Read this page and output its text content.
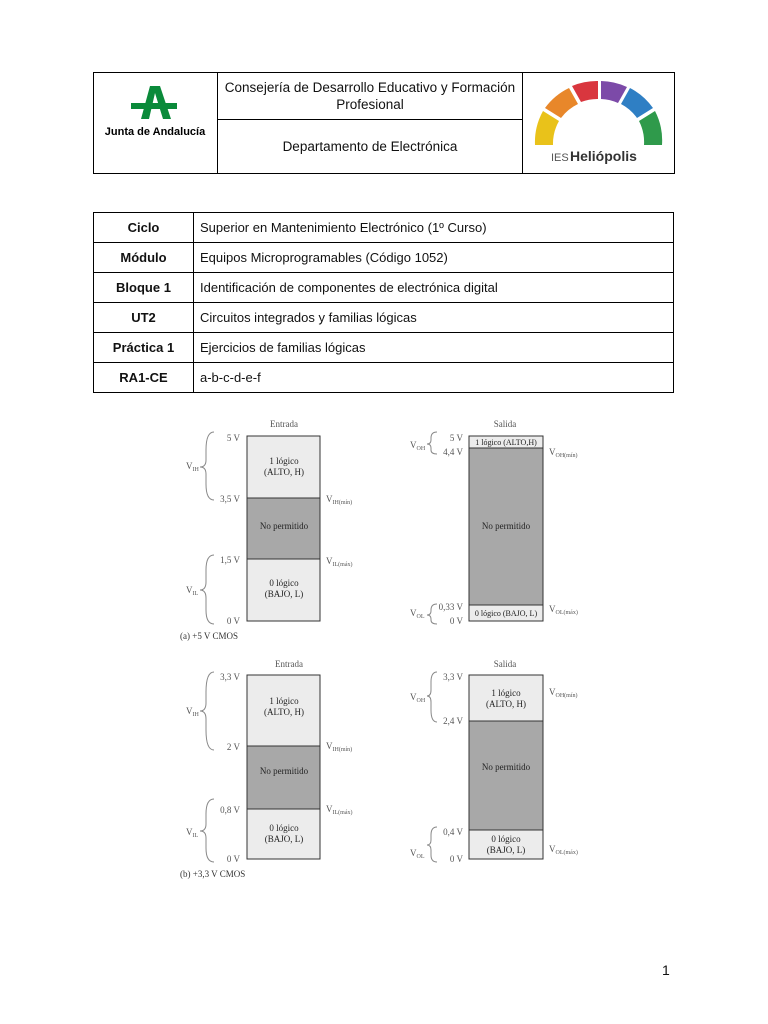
Junta de Andalucía
Consejería de Desarrollo Educativo y Formación Profesional
Departamento de Electrónica
IES Heliópolis
Ciclo	Superior en Mantenimiento Electrónico (1º Curso)
Módulo	Equipos Microprogramables (Código 1052)
Bloque 1	Identificación de componentes de electrónica digital
UT2	Circuitos integrados y familias lógicas
Práctica 1	Ejercicios de familias lógicas
RA1-CE	a-b-c-d-e-f
Entrada
1 lógico
(ALTO, H)
No permitido
0 lógico
(BAJO, L)
5 V
3,5 V
1,5 V
0 V
$V_{IH}$
$V_{IL}$
$V_{IH(mín)}$
$V_{IL(máx)}$
(a) +5 V CMOS
Salida
1 lógico (ALTO,H)
No permitido
0 lógico (BAJO, L)
5 V
4,4 V
0,33 V
0 V
$V_{OH}$
$V_{OL}$
$V_{OH(mín)}$
$V_{OL(máx)}$
Entrada
1 lógico
(ALTO, H)
No permitido
0 lógico
(BAJO, L)
3,3 V
2 V
0,8 V
0 V
$V_{IH}$
$V_{IL}$
$V_{IH(mín)}$
$V_{IL(máx)}$
(b) +3,3 V CMOS
Salida
1 lógico
(ALTO, H)
No permitido
0 lógico
(BAJO, L)
3,3 V
2,4 V
0,4 V
0 V
$V_{OH}$
$V_{OL}$
$V_{OH(mín)}$
$V_{OL(máx)}$
1
